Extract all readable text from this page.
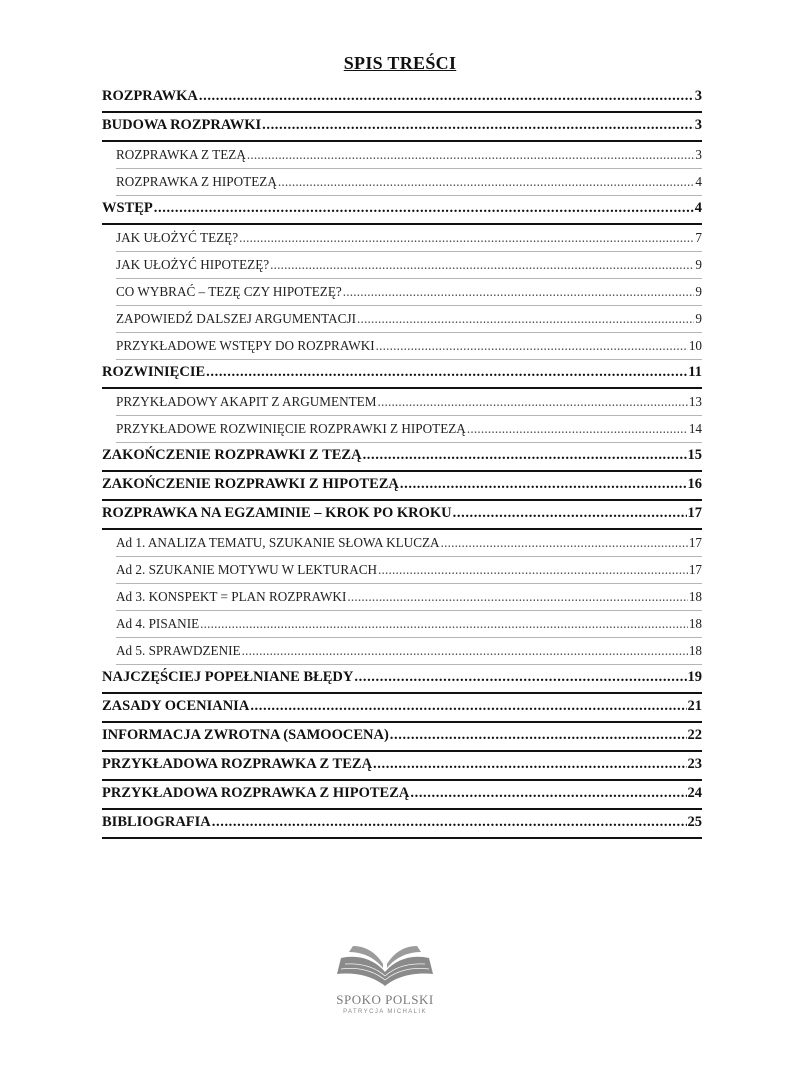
SPIS TREŚCI
ROZPRAWKA .....	3
BUDOWA ROZPRAWKI .....	3
ROZPRAWKA Z TEZĄ .....	3
ROZPRAWKA Z HIPOTEZĄ .....	4
WSTĘP .....	4
JAK UŁOŻYĆ TEZĘ? .....	7
JAK UŁOŻYĆ HIPOTEZĘ? .....	9
CO WYBRAĆ – TEZĘ CZY HIPOTEZĘ? .....	9
ZAPOWIEDŹ DALSZEJ ARGUMENTACJI .....	9
PRZYKŁADOWE WSTĘPY DO ROZPRAWKI .....	10
ROZWINIĘCIE .....	11
PRZYKŁADOWY AKAPIT Z ARGUMENTEM .....	13
PRZYKŁADOWE ROZWINIĘCIE ROZPRAWKI Z HIPOTEZĄ .....	14
ZAKOŃCZENIE ROZPRAWKI Z TEZĄ .....	15
ZAKOŃCZENIE ROZPRAWKI Z HIPOTEZĄ .....	16
ROZPRAWKA NA EGZAMINIE – KROK PO KROKU .....	17
Ad 1. ANALIZA TEMATU, SZUKANIE SŁOWA KLUCZA .....	17
Ad 2. SZUKANIE MOTYWU W LEKTURACH .....	17
Ad 3. KONSPEKT = PLAN ROZPRAWKI .....	18
Ad 4. PISANIE .....	18
Ad 5. SPRAWDZENIE .....	18
NAJCZĘŚCIEJ POPEŁNIANE BŁĘDY .....	19
ZASADY OCENIANIA .....	21
INFORMACJA ZWROTNA (SAMOOCENA) .....	22
PRZYKŁADOWA ROZPRAWKA Z TEZĄ .....	23
PRZYKŁADOWA ROZPRAWKA Z HIPOTEZĄ .....	24
BIBLIOGRAFIA .....	25
SPOKO POLSKI
PATRYCJA MICHALIK
